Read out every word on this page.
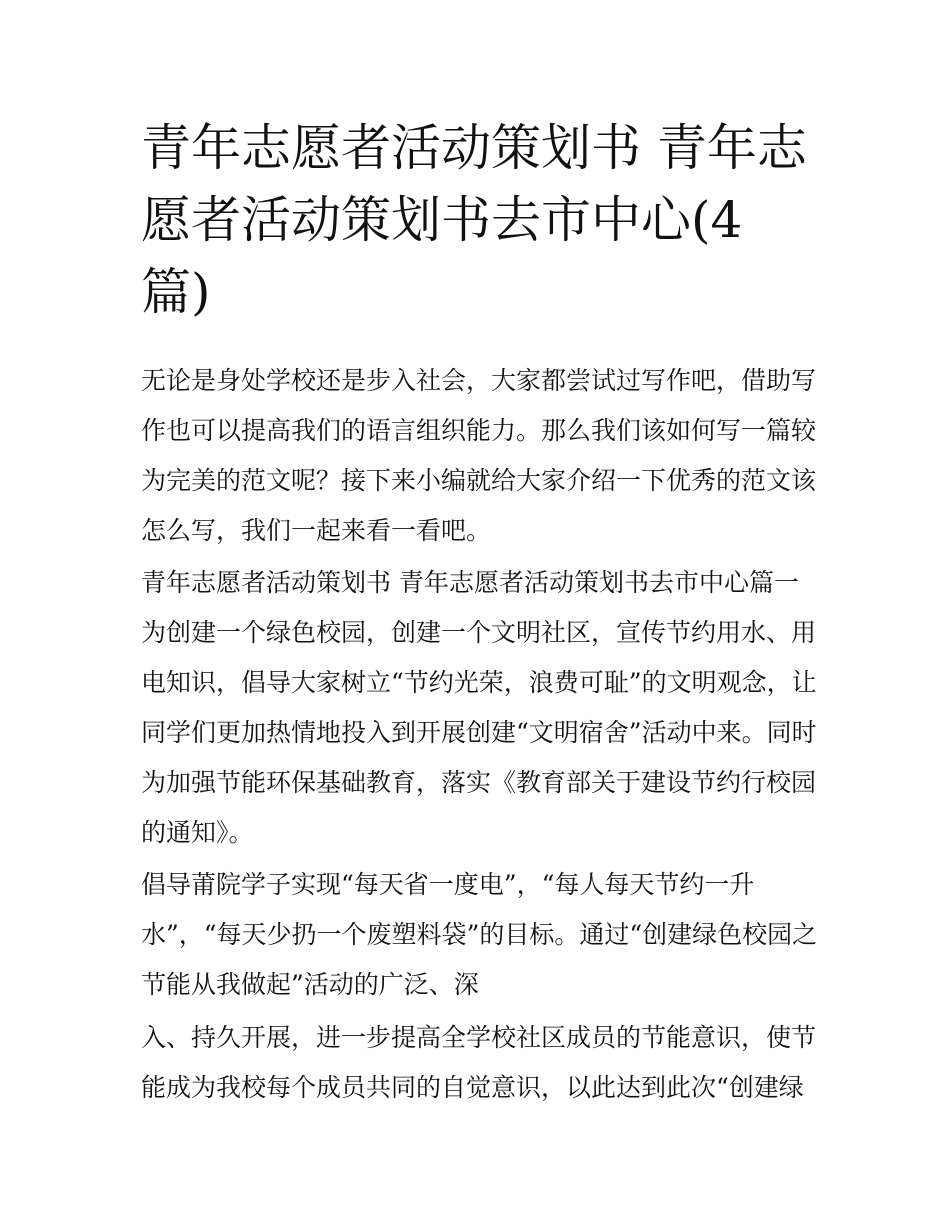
青年志愿者活动策划书 青年志
愿者活动策划书去市中心(4
篇)

无论是身处学校还是步入社会，大家都尝试过写作吧，借助写
作也可以提高我们的语言组织能力。那么我们该如何写一篇较
为完美的范文呢？接下来小编就给大家介绍一下优秀的范文该
怎么写，我们一起来看一看吧。

青年志愿者活动策划书 青年志愿者活动策划书去市中心篇一
为创建一个绿色校园，创建一个文明社区，宣传节约用水、用
电知识，倡导大家树立“节约光荣，浪费可耻”的文明观念，让
同学们更加热情地投入到开展创建“文明宿舍”活动中来。同时
为加强节能环保基础教育，落实《教育部关于建设节约行校园
的通知》。

倡导莆院学子实现“每天省一度电”，“每人每天节约一升
水”，“每天少扔一个废塑料袋”的目标。通过“创建绿色校园之
节能从我做起”活动的广泛、深

入、持久开展，进一步提高全学校社区成员的节能意识，使节
能成为我校每个成员共同的自觉意识，以此达到此次“创建绿
